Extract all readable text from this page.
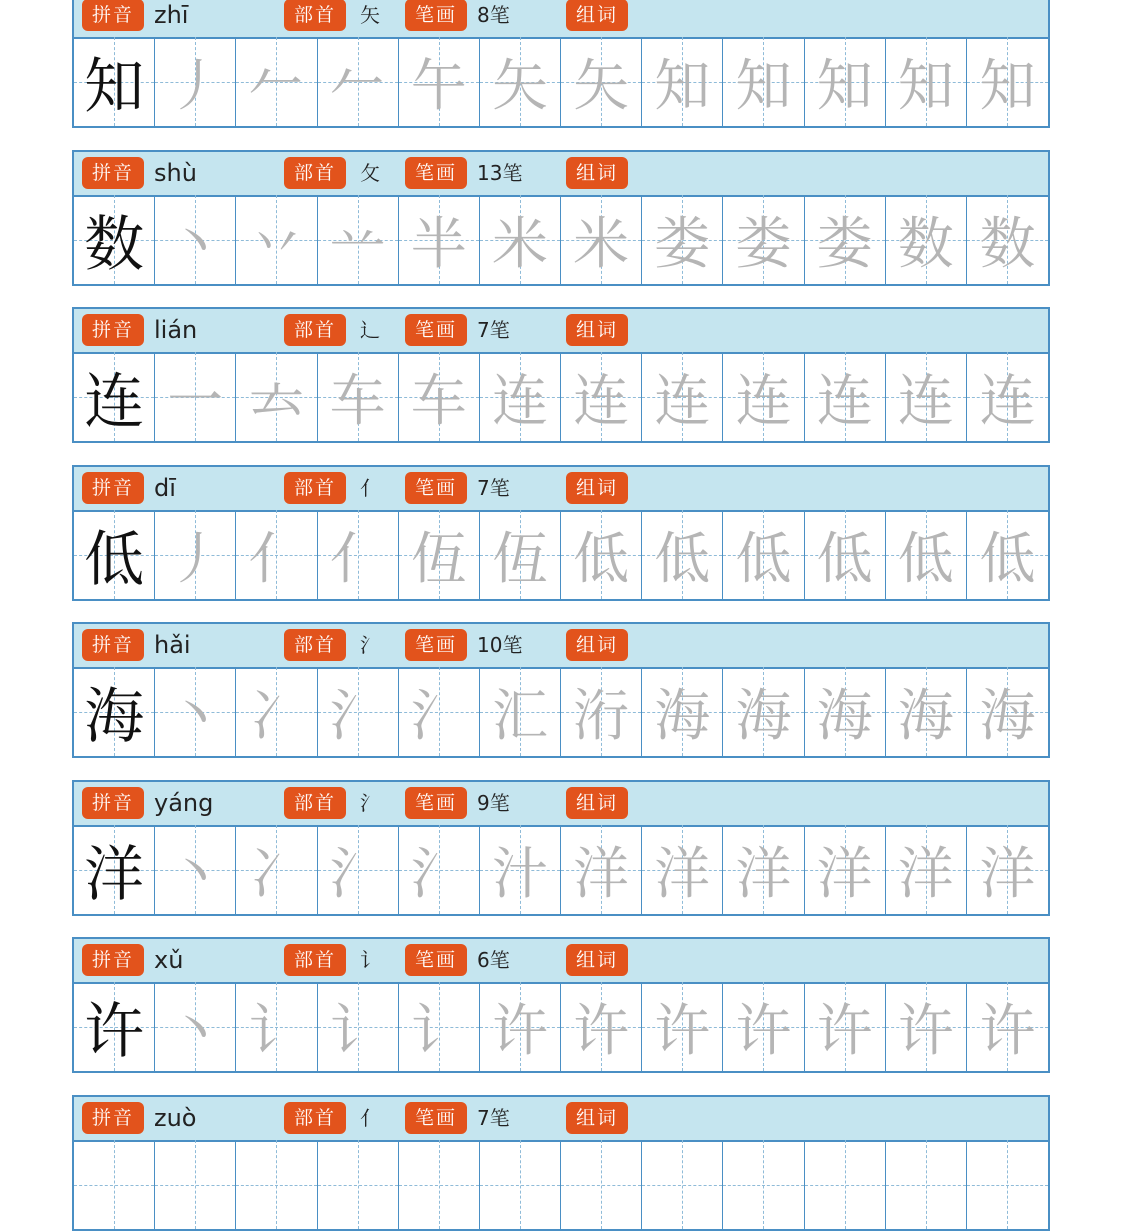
拼音 zhī	部首	矢	笔画	8笔	组词
知 丿 𠂉 𠂉 午 矢 矢 知 知 知 知 知
拼音 shù	部首	攵	笔画	13笔	组词
数 丶 丷 䒑 半 米 米 娄 娄 娄 数 数
拼音 lián	部首	辶	笔画	7笔	组词
连 一 𠫓 车 车 连 连 连 连 连 连 连
拼音 dī	部首	亻	笔画	7笔	组词
低 丿 亻 亻 仾 仾 低 低 低 低 低 低
拼音 hǎi	部首	氵	笔画	10笔	组词
海 丶 冫 氵 氵 汇 洐 海 海 海 海 海
拼音 yáng	部首	氵	笔画	9笔	组词
洋 丶 冫 氵 氵 汁 洋 洋 洋 洋 洋 洋
拼音 xǔ	部首	讠	笔画	6笔	组词
许 丶 讠 讠 讠 许 许 许 许 许 许 许
拼音 zuò	部首	亻	笔画	7笔	组词
